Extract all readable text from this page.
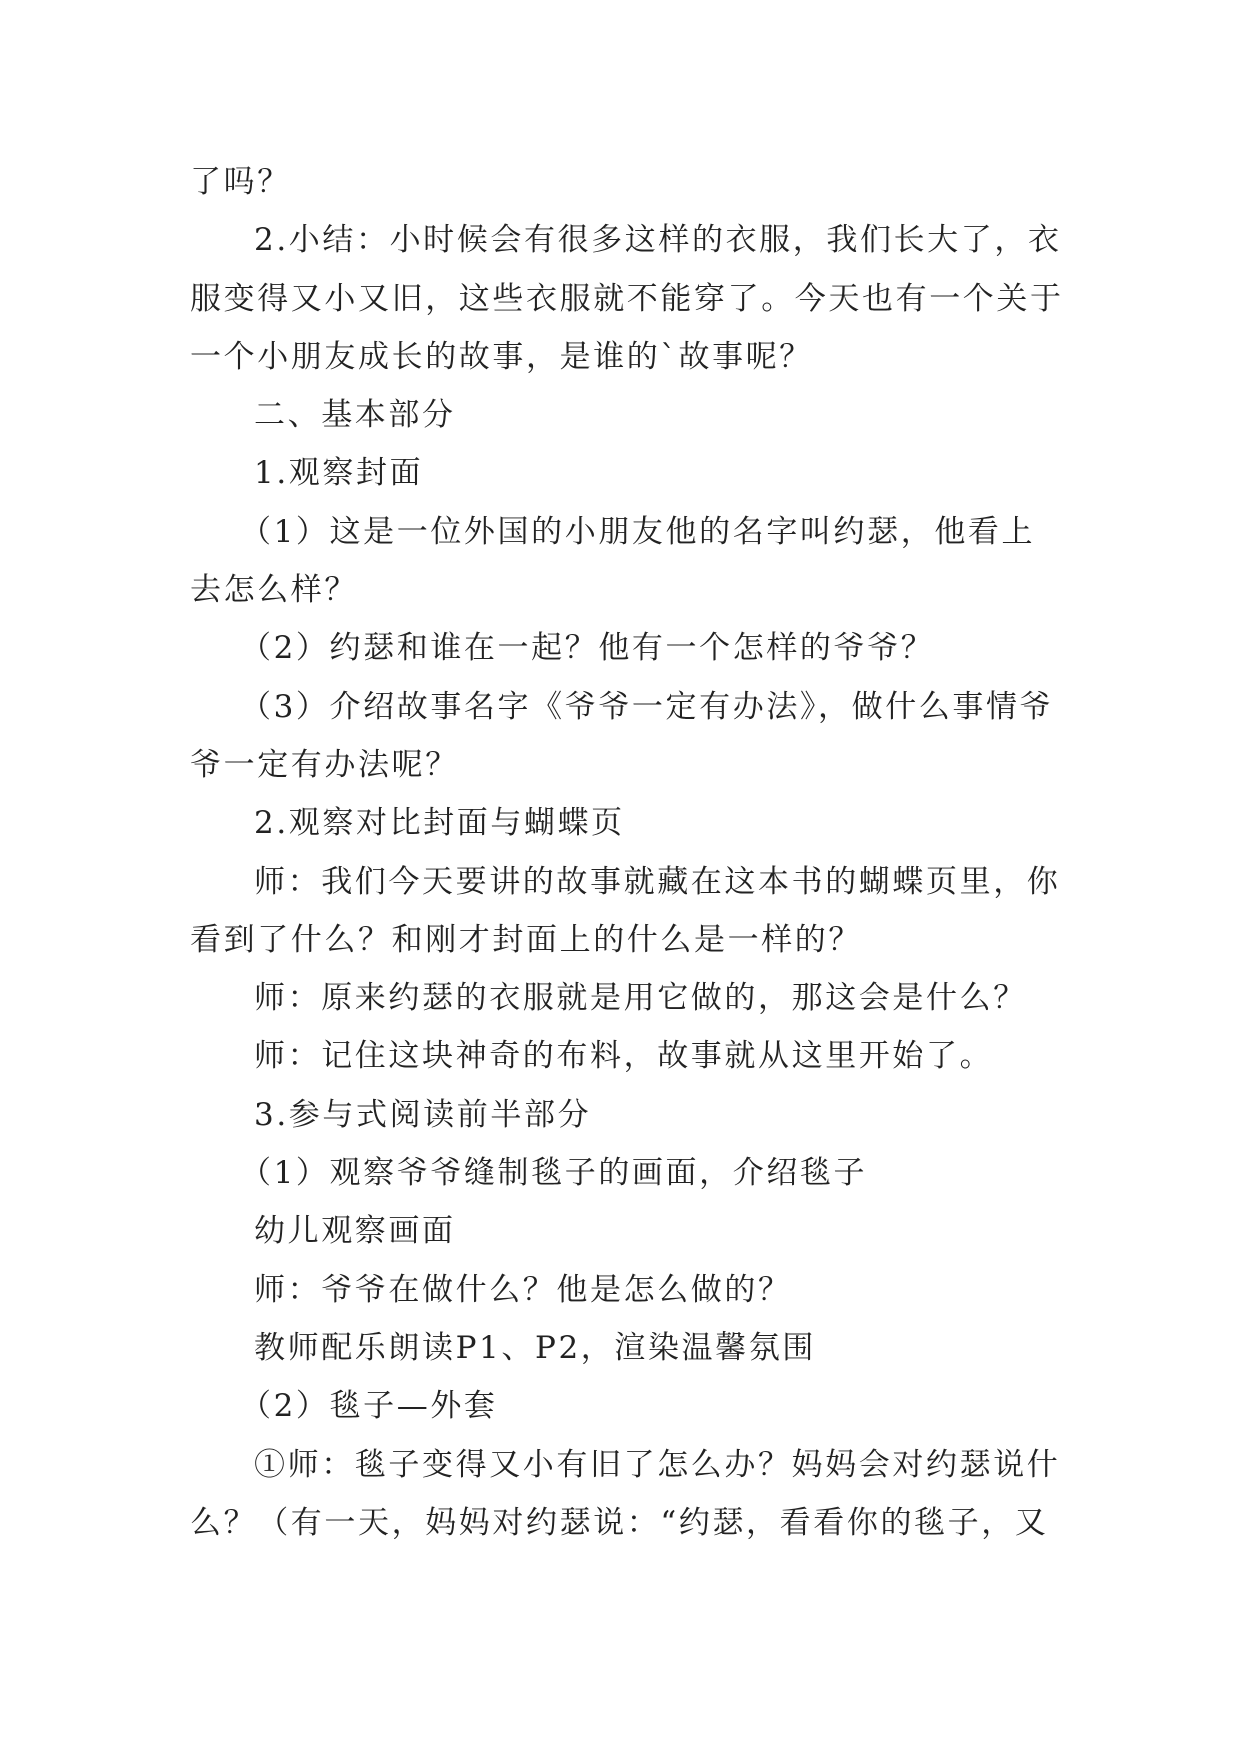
了吗？
2.小结：小时候会有很多这样的衣服，我们长大了，衣
服变得又小又旧，这些衣服就不能穿了。今天也有一个关于
一个小朋友成长的故事，是谁的`故事呢？
二、基本部分
1.观察封面
（1）这是一位外国的小朋友他的名字叫约瑟，他看上
去怎么样？
（2）约瑟和谁在一起？他有一个怎样的爷爷？
（3）介绍故事名字《爷爷一定有办法》，做什么事情爷
爷一定有办法呢？
2.观察对比封面与蝴蝶页
师：我们今天要讲的故事就藏在这本书的蝴蝶页里，你
看到了什么？和刚才封面上的什么是一样的？
师：原来约瑟的衣服就是用它做的，那这会是什么？
师：记住这块神奇的布料，故事就从这里开始了。
3.参与式阅读前半部分
（1）观察爷爷缝制毯子的画面，介绍毯子
幼儿观察画面
师：爷爷在做什么？他是怎么做的？
教师配乐朗读P1、P2，渲染温馨氛围
（2）毯子—外套
①师：毯子变得又小有旧了怎么办？妈妈会对约瑟说什
么？（有一天，妈妈对约瑟说：“约瑟，看看你的毯子，又
